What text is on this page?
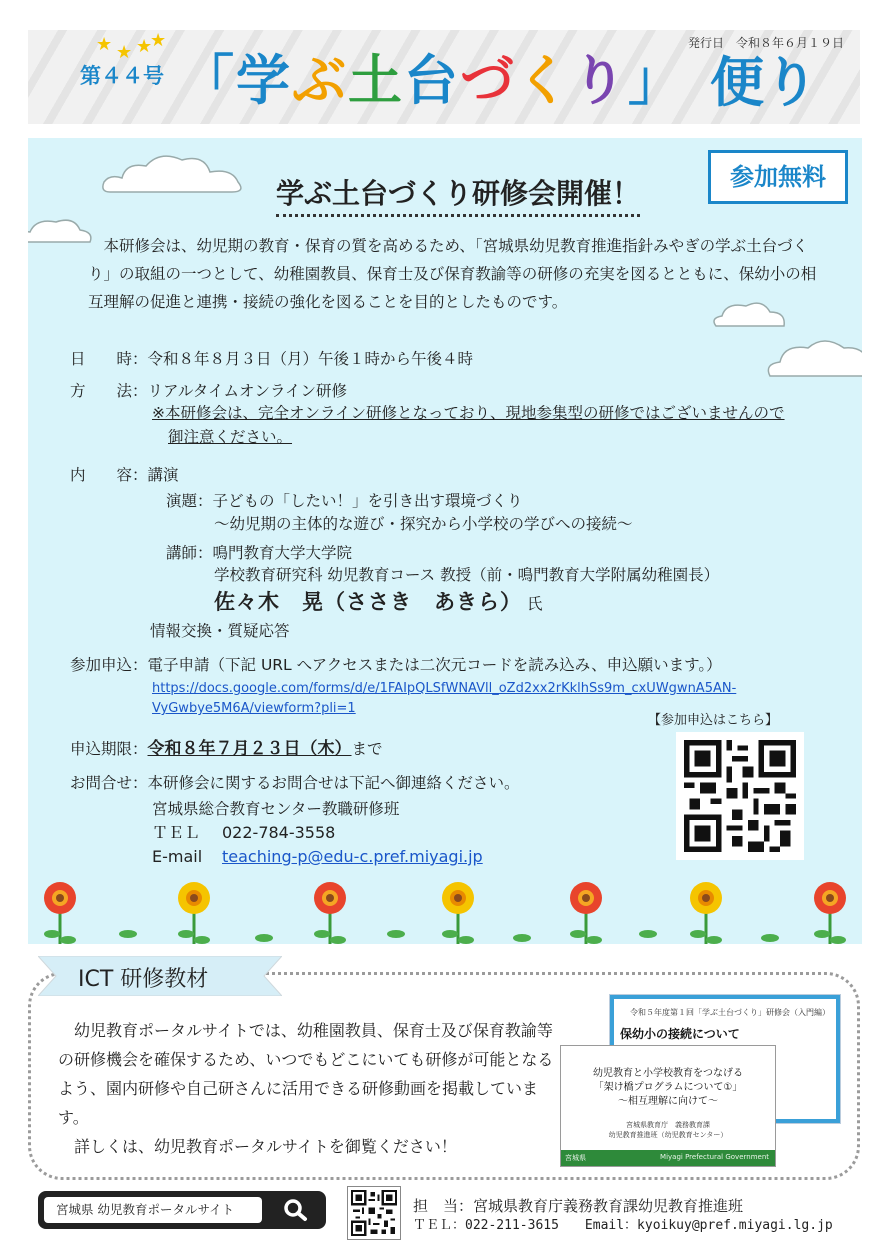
発行日　令和８年６月１９日
★ ★ ★
★
第４４号 「学ぶ土台づくり」 便り
学ぶ土台づくり研修会開催！	参加無料

本研修会は、幼児期の教育・保育の質を高めるため、「宮城県幼児教育推進指針みやぎの学ぶ土台づくり」の取組の一つとして、幼稚園教員、保育士及び保育教諭等の研修の充実を図るとともに、保幼小の相互理解の促進と連携・接続の強化を図ることを目的としたものです。

日　　時：令和８年８月３日（月）午後１時から午後４時
方　　法：リアルタイムオンライン研修
※本研修会は、完全オンライン研修となっており、現地参集型の研修ではございませんので
御注意ください。
内　　容：講演
演題：子どもの「したい！」を引き出す環境づくり
～幼児期の主体的な遊び・探究から小学校の学びへの接続～
講師：鳴門教育大学大学院
学校教育研究科 幼児教育コース 教授（前・鳴門教育大学附属幼稚園長）
佐々木　晃（ささき　あきら） 氏
情報交換・質疑応答
参加申込：電子申請（下記 URL へアクセスまたは二次元コードを読み込み、申込願います。）
https://docs.google.com/forms/d/e/1FAIpQLSfWNAVll_oZd2xx2rKklhSs9m_cxUWgwnA5AN-
VyGwbye5M6A/viewform?pli=1
【参加申込はこちら】
申込期限：令和８年７月２３日（木）まで
お問合せ：本研修会に関するお問合せは下記へ御連絡ください。
宮城県総合教育センター教職研修班
ＴＥＬ 022-784-3558
E-mail teaching-p@edu-c.pref.miyagi.jp
ICT 研修教材

幼児教育ポータルサイトでは、幼稚園教員、保育士及び保育教諭等の研修機会を確保するため、いつでもどこにいても研修が可能となるよう、園内研修や自己研さんに活用できる研修動画を掲載しています。

詳しくは、幼児教育ポータルサイトを御覧ください！

令和５年度第１回「学ぶ土台づくり」研修会（入門編）
保幼小の接続について
幼児教育と小学校教育をつなげる
「架け橋プログラムについて①」
～相互理解に向けて～
宮城県教育庁　義務教育課
幼児教育推進班（幼児教育センター）
宮城県	Miyagi Prefectural Government
宮城県 幼児教育ポータルサイト	担　当：宮城県教育庁義務教育課幼児教育推進班
ＴＥＬ：022-211-3615　　Email：kyoikuy@pref.miyagi.lg.jp
